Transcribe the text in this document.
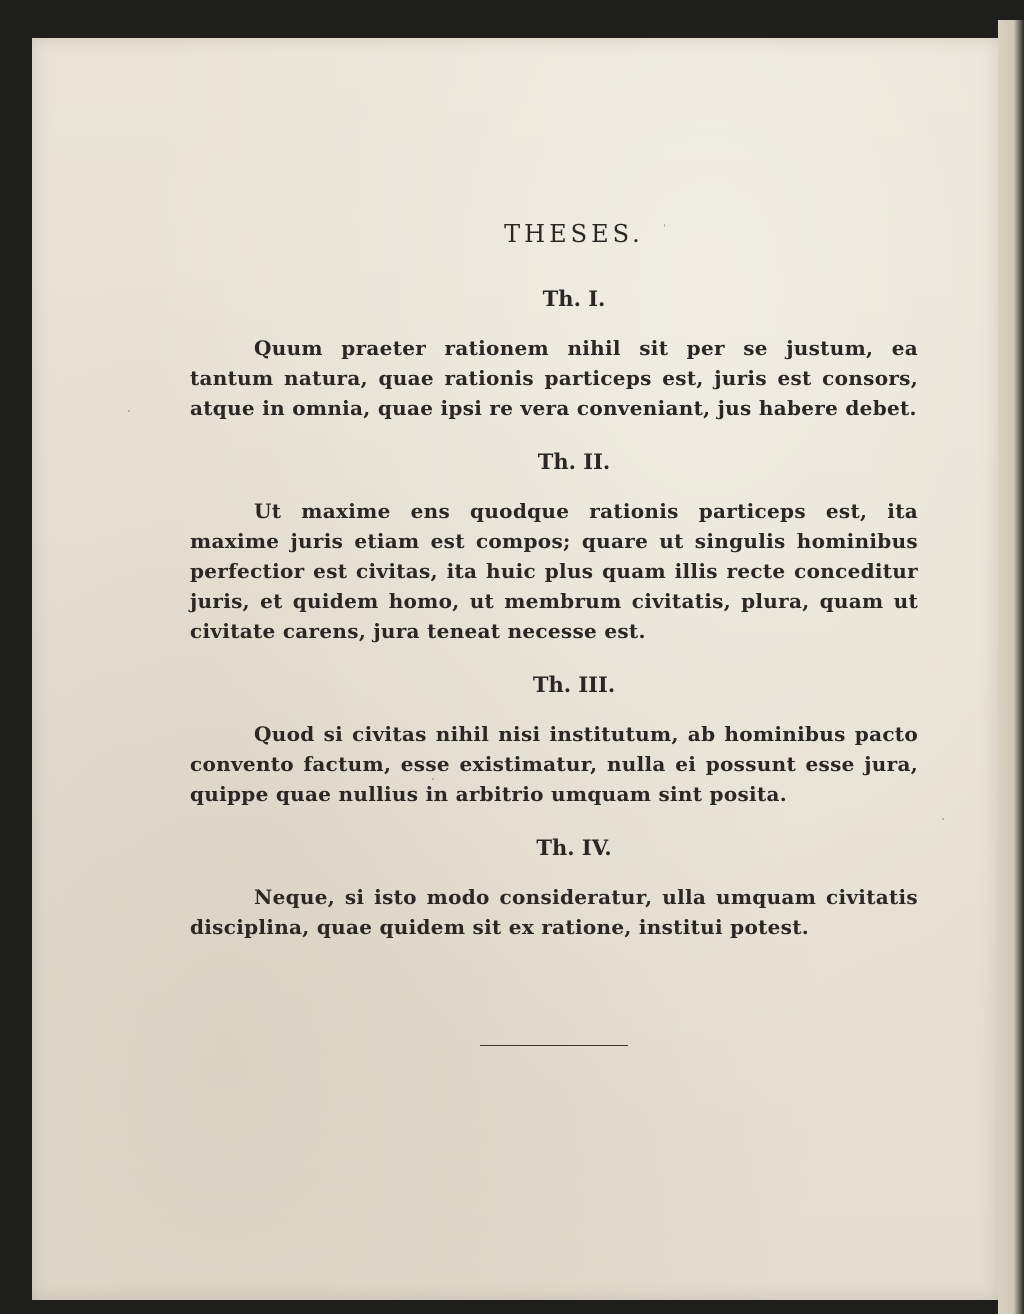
THESES.
Th. I.

Quum praeter rationem nihil sit per se justum, ea tantum natura, quae rationis particeps est, juris est consors, atque in omnia, quae ipsi re vera conveniant, jus habere debet.

Th. II.

Ut maxime ens quodque rationis particeps est, ita maxime juris etiam est compos; quare ut singulis hominibus perfectior est civitas, ita huic plus quam illis recte conceditur juris, et quidem homo, ut membrum civitatis, plura, quam ut civitate carens, jura teneat necesse est.

Th. III.

Quod si civitas nihil nisi institutum, ab hominibus pacto convento factum, esse existimatur, nulla ei possunt esse jura, quippe quae nullius in arbitrio umquam sint posita.

Th. IV.

Neque, si isto modo consideratur, ulla umquam civitatis disciplina, quae quidem sit ex ratione, institui potest.
